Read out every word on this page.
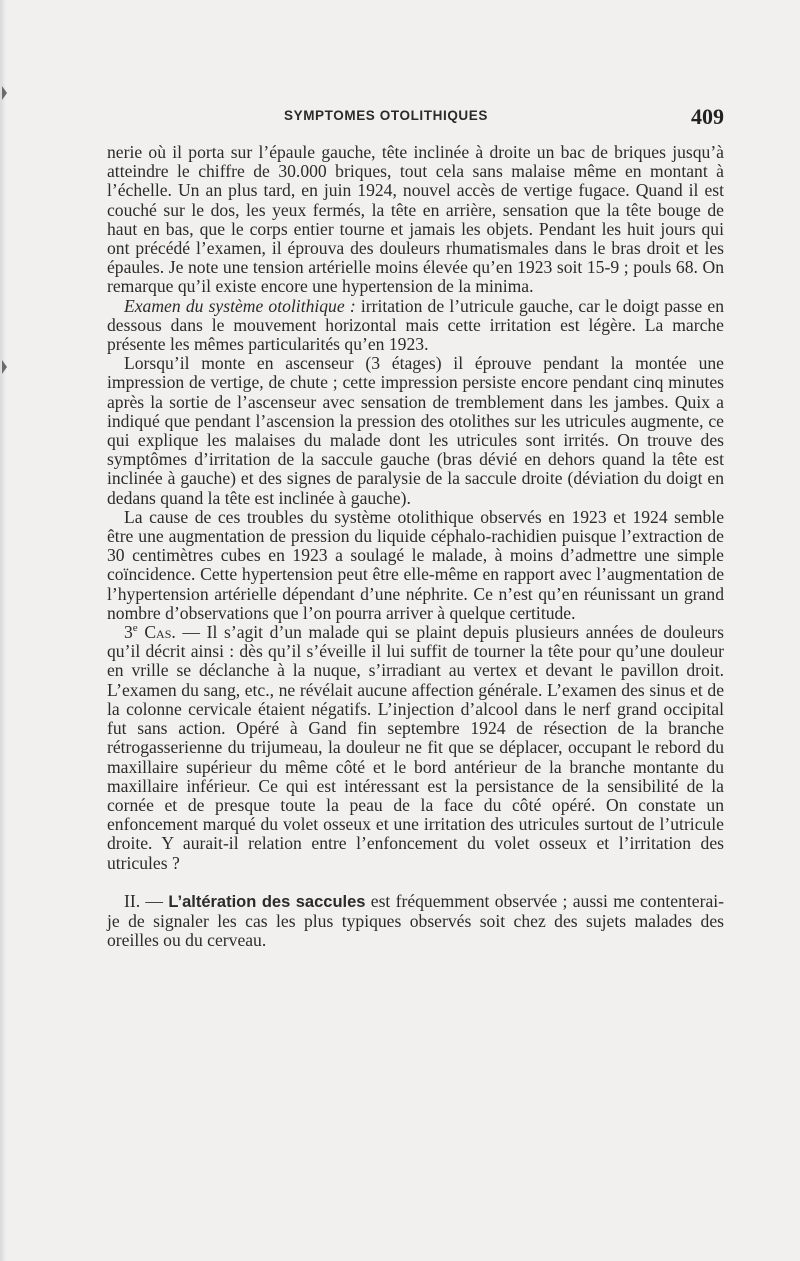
SYMPTOMES OTOLITHIQUES	409

nerie où il porta sur l’épaule gauche, tête inclinée à droite un bac de briques jusqu’à atteindre le chiffre de 30.000 briques, tout cela sans malaise même en montant à l’échelle. Un an plus tard, en juin 1924, nouvel accès de vertige fugace. Quand il est couché sur le dos, les yeux fermés, la tête en arrière, sensation que la tête bouge de haut en bas, que le corps entier tourne et jamais les objets. Pendant les huit jours qui ont précédé l’examen, il éprouva des douleurs rhumatismales dans le bras droit et les épaules. Je note une tension artérielle moins élevée qu’en 1923 soit 15-9 ; pouls 68. On remarque qu’il existe encore une hypertension de la minima.

Examen du système otolithique : irritation de l’utricule gauche, car le doigt passe en dessous dans le mouvement horizontal mais cette irritation est légère. La marche présente les mêmes particularités qu’en 1923.

Lorsqu’il monte en ascenseur (3 étages) il éprouve pendant la montée une impression de vertige, de chute ; cette impression persiste encore pendant cinq minutes après la sortie de l’ascenseur avec sensation de tremblement dans les jambes. Quix a indiqué que pendant l’ascension la pression des otolithes sur les utricules augmente, ce qui explique les malaises du malade dont les utricules sont irrités. On trouve des symptômes d’irritation de la saccule gauche (bras dévié en dehors quand la tête est inclinée à gauche) et des signes de paralysie de la saccule droite (déviation du doigt en dedans quand la tête est inclinée à gauche).

La cause de ces troubles du système otolithique observés en 1923 et 1924 semble être une augmentation de pression du liquide céphalo-rachidien puisque l’extraction de 30 centimètres cubes en 1923 a soulagé le malade, à moins d’admettre une simple coïncidence. Cette hypertension peut être elle-même en rapport avec l’augmentation de l’hypertension artérielle dépendant d’une néphrite. Ce n’est qu’en réunissant un grand nombre d’observations que l’on pourra arriver à quelque certitude.

3e Cas. — Il s’agit d’un malade qui se plaint depuis plusieurs années de douleurs qu’il décrit ainsi : dès qu’il s’éveille il lui suffit de tourner la tête pour qu’une douleur en vrille se déclanche à la nuque, s’irradiant au vertex et devant le pavillon droit. L’examen du sang, etc., ne révélait aucune affection générale. L’examen des sinus et de la colonne cervicale étaient négatifs. L’injection d’alcool dans le nerf grand occipital fut sans action. Opéré à Gand fin septembre 1924 de résection de la branche rétrogasserienne du trijumeau, la douleur ne fit que se déplacer, occupant le rebord du maxillaire supérieur du même côté et le bord antérieur de la branche montante du maxillaire inférieur. Ce qui est intéressant est la persistance de la sensibilité de la cornée et de presque toute la peau de la face du côté opéré. On constate un enfoncement marqué du volet osseux et une irritation des utricules surtout de l’utricule droite. Y aurait-il relation entre l’enfoncement du volet osseux et l’irritation des utricules ?

II. — L’altération des saccules est fréquemment observée ; aussi me contenterai-je de signaler les cas les plus typiques observés soit chez des sujets malades des oreilles ou du cerveau.
